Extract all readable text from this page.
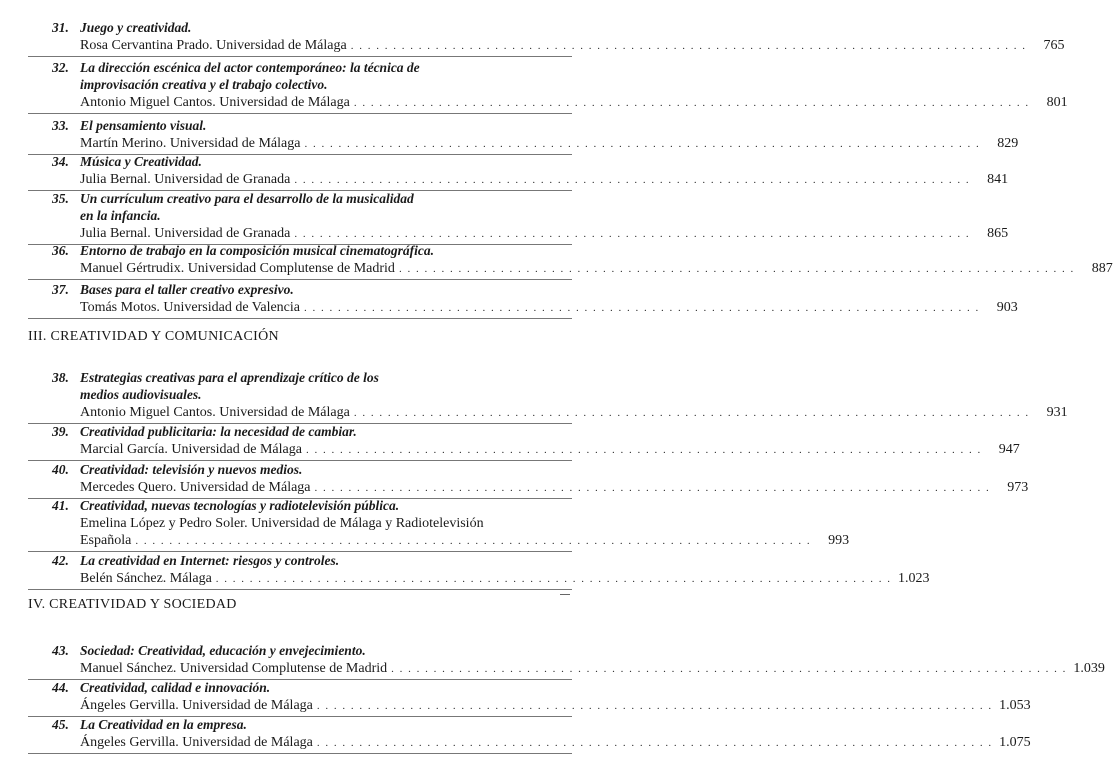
III. CREATIVIDAD Y COMUNICACIÓN
IV. CREATIVIDAD Y SOCIEDAD
31. Juego y creatividad.
Rosa Cervantina Prado. Universidad de Málaga . . . . . . . . . . . . . . . . . . . . . . . . . . . . . . . . . . . . . . . . . . . . . . . . . . . . . . . . . . . . . . . . . . . . . . . . . . . . . . . .	765
32. La dirección escénica del actor contemporáneo: la técnica de
improvisación creativa y el trabajo colectivo.
Antonio Miguel Cantos. Universidad de Málaga . . . . . . . . . . . . . . . . . . . . . . . . . . . . . . . . . . . . . . . . . . . . . . . . . . . . . . . . . . . . . . . . . . . . . . . . . . . . . . . .	801
33. El pensamiento visual.
Martín Merino. Universidad de Málaga . . . . . . . . . . . . . . . . . . . . . . . . . . . . . . . . . . . . . . . . . . . . . . . . . . . . . . . . . . . . . . . . . . . . . . . . . . . . . . . .	829
34. Música y Creatividad.
Julia Bernal. Universidad de Granada . . . . . . . . . . . . . . . . . . . . . . . . . . . . . . . . . . . . . . . . . . . . . . . . . . . . . . . . . . . . . . . . . . . . . . . . . . . . . . . .	841
35. Un currículum creativo para el desarrollo de la musicalidad
en la infancia.
Julia Bernal. Universidad de Granada . . . . . . . . . . . . . . . . . . . . . . . . . . . . . . . . . . . . . . . . . . . . . . . . . . . . . . . . . . . . . . . . . . . . . . . . . . . . . . . .	865
36. Entorno de trabajo en la composición musical cinematográfica.
Manuel Gértrudix. Universidad Complutense de Madrid . . . . . . . . . . . . . . . . . . . . . . . . . . . . . . . . . . . . . . . . . . . . . . . . . . . . . . . . . . . . . . . . . . . . . . . . . . . . . . . .	887
37. Bases para el taller creativo expresivo.
Tomás Motos. Universidad de Valencia . . . . . . . . . . . . . . . . . . . . . . . . . . . . . . . . . . . . . . . . . . . . . . . . . . . . . . . . . . . . . . . . . . . . . . . . . . . . . . . .	903
38. Estrategias creativas para el aprendizaje crítico de los
medios audiovisuales.
Antonio Miguel Cantos. Universidad de Málaga . . . . . . . . . . . . . . . . . . . . . . . . . . . . . . . . . . . . . . . . . . . . . . . . . . . . . . . . . . . . . . . . . . . . . . . . . . . . . . . .	931
39. Creatividad publicitaria: la necesidad de cambiar.
Marcial García. Universidad de Málaga . . . . . . . . . . . . . . . . . . . . . . . . . . . . . . . . . . . . . . . . . . . . . . . . . . . . . . . . . . . . . . . . . . . . . . . . . . . . . . . .	947
40. Creatividad: televisión y nuevos medios.
Mercedes Quero. Universidad de Málaga . . . . . . . . . . . . . . . . . . . . . . . . . . . . . . . . . . . . . . . . . . . . . . . . . . . . . . . . . . . . . . . . . . . . . . . . . . . . . . . .	973
41. Creatividad, nuevas tecnologías y radiotelevisión pública.
Emelina López y Pedro Soler. Universidad de Málaga y Radiotelevisión
Española . . . . . . . . . . . . . . . . . . . . . . . . . . . . . . . . . . . . . . . . . . . . . . . . . . . . . . . . . . . . . . . . . . . . . . . . . . . . . . . .	993
42. La creatividad en Internet: riesgos y controles.
Belén Sánchez. Málaga . . . . . . . . . . . . . . . . . . . . . . . . . . . . . . . . . . . . . . . . . . . . . . . . . . . . . . . . . . . . . . . . . . . . . . . . . . . . . . . . 1.023
43. Sociedad: Creatividad, educación y envejecimiento.
Manuel Sánchez. Universidad Complutense de Madrid . . . . . . . . . . . . . . . . . . . . . . . . . . . . . . . . . . . . . . . . . . . . . . . . . . . . . . . . . . . . . . . . . . . . . . . . . . . . . . . . 1.039
44. Creatividad, calidad e innovación.
Ángeles Gervilla. Universidad de Málaga . . . . . . . . . . . . . . . . . . . . . . . . . . . . . . . . . . . . . . . . . . . . . . . . . . . . . . . . . . . . . . . . . . . . . . . . . . . . . . . . 1.053
45. La Creatividad en la empresa.
Ángeles Gervilla. Universidad de Málaga . . . . . . . . . . . . . . . . . . . . . . . . . . . . . . . . . . . . . . . . . . . . . . . . . . . . . . . . . . . . . . . . . . . . . . . . . . . . . . . . 1.075
